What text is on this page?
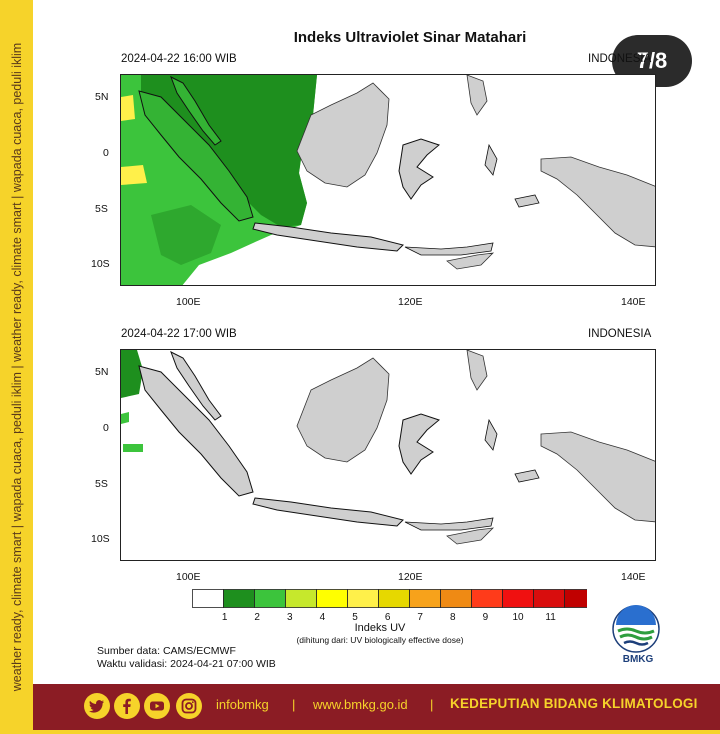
weather ready, climate smart | wapada cuaca, peduli iklim | weather ready, climate smart | wapada cuaca, peduli iklim
Indeks Ultraviolet Sinar Matahari
7/8
2024-04-22 16:00 WIB	INDONESIA
5N
0
5S
10S
100E	120E	140E
2024-04-22 17:00 WIB	INDONESIA
5N
0
5S
10S
100E	120E	140E
1	2	3	4	5	6	7	8	9	10 11
Indeks UV
(dihitung dari: UV biologically effective dose)
Sumber data: CAMS/ECMWF
Waktu validasi: 2024-04-21 07:00 WIB	BMKG
infobmkg | www.bmkg.go.id | KEDEPUTIAN BIDANG KLIMATOLOGI
